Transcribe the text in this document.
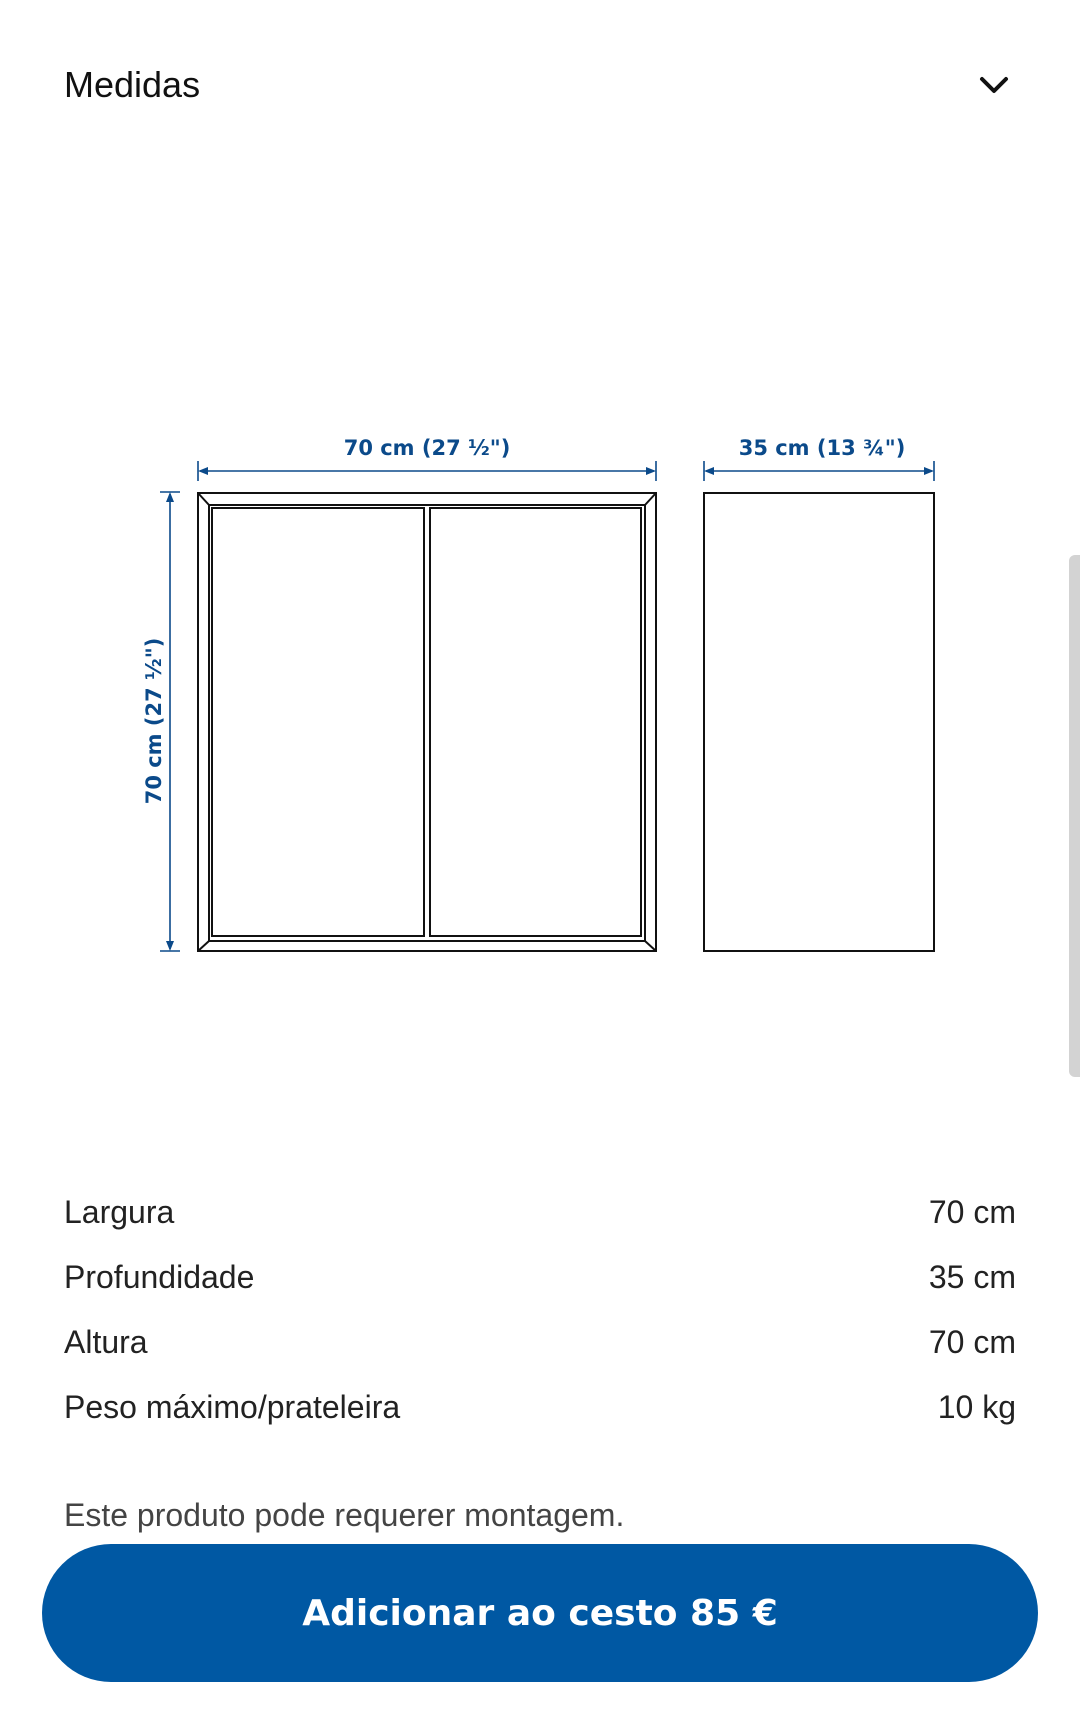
Medidas
70 cm (27 ½")	35 cm (13 ¾")
70 cm (27 ½")
Largura	70 cm
Profundidade	35 cm
Altura	70 cm
Peso máximo/prateleira	10 kg
Este produto pode requerer montagem.
Adicionar ao cesto 85 €
